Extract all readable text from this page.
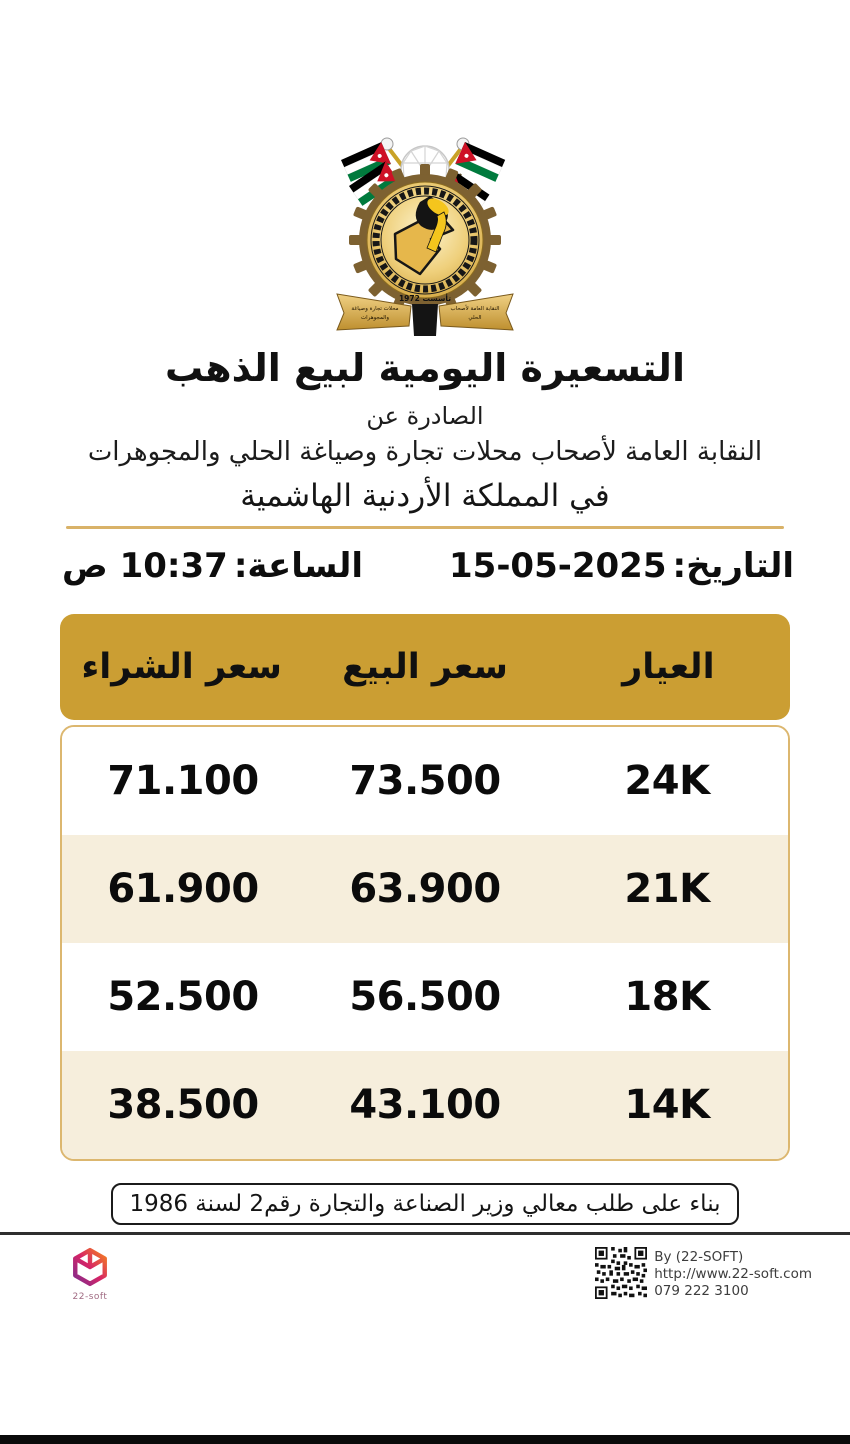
تأسست 1972
النقابة العامة لأصحاب
الحلي
محلات تجارة وصياغة
والمجوهرات
التسعيرة اليومية لبيع الذهب
الصادرة عن
النقابة العامة لأصحاب محلات تجارة وصياغة الحلي والمجوهرات
في المملكة الأردنية الهاشمية
التاريخ:15-05-2025
الساعة:10:37 ص
العيار
سعر البيع
سعر الشراء
24K
73.500
71.100
21K
63.900
61.900
18K
56.500
52.500
14K
43.100
38.500
بناء على طلب معالي وزير الصناعة والتجارة رقم2 لسنة 1986
22-soft
By (22-SOFT)
http://www.22-soft.com
079 222 3100
